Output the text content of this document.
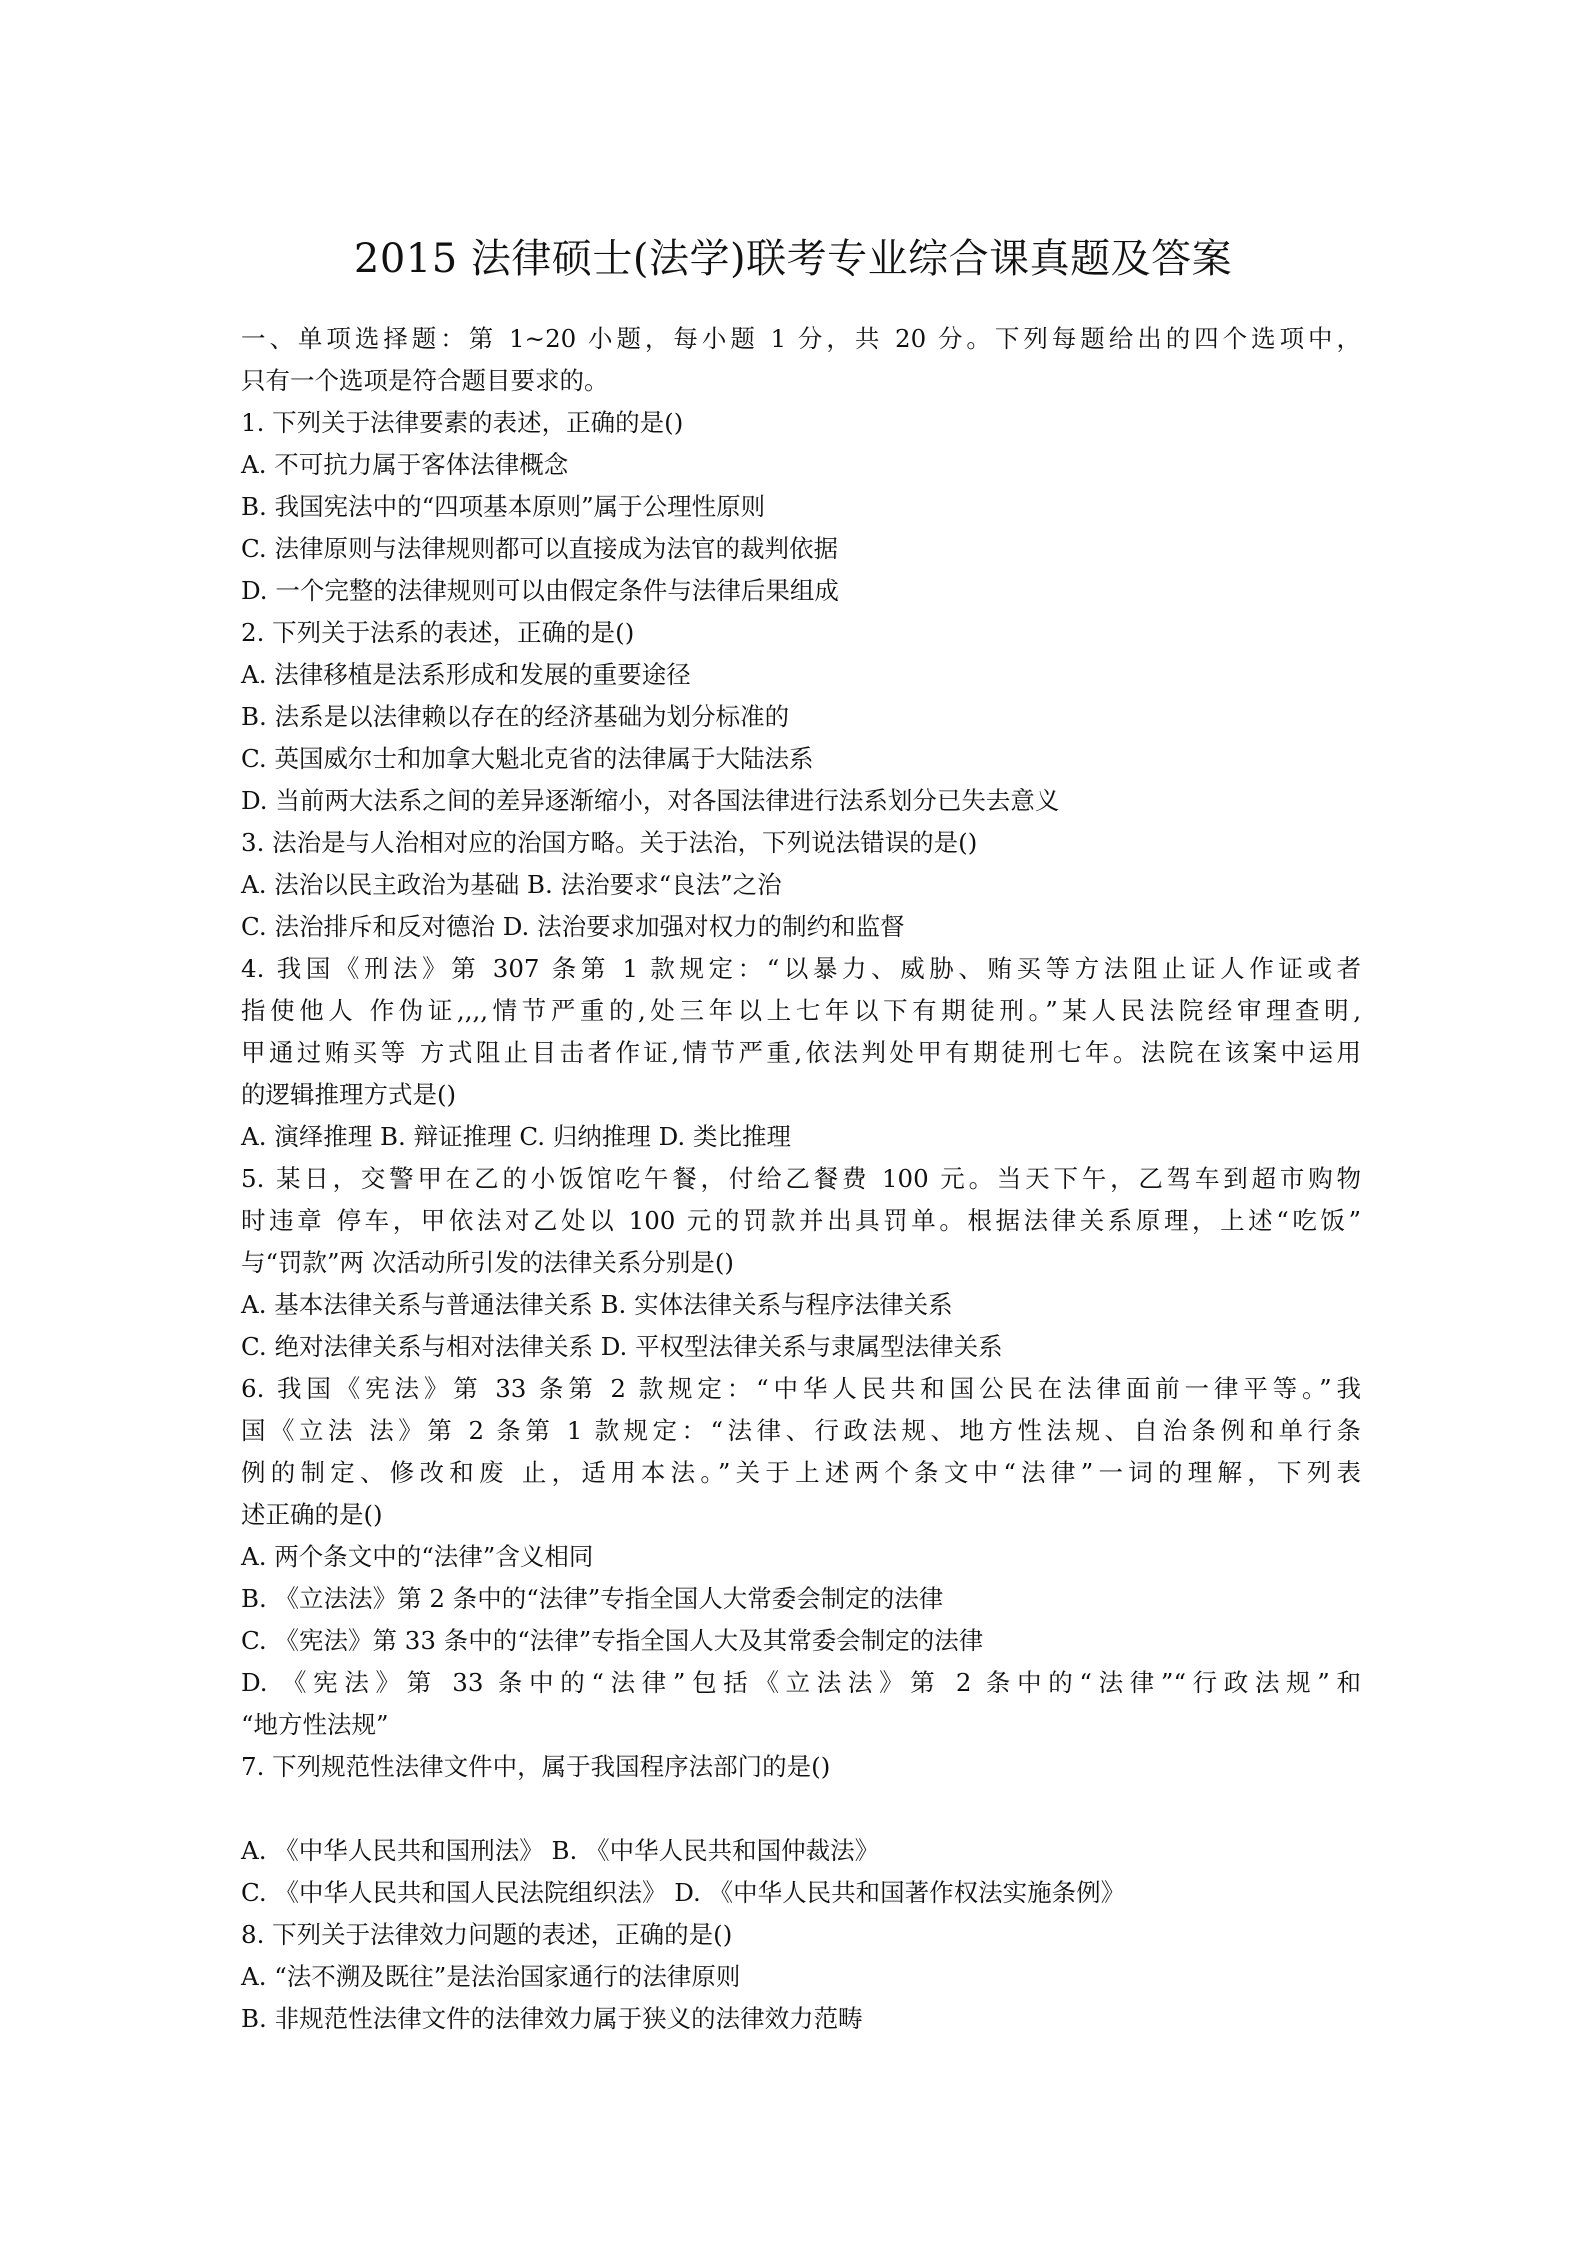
2015 法律硕士(法学)联考专业综合课真题及答案
一、单项选择题：第 1~20 小题，每小题 1 分，共 20 分。下列每题给出的四个选项中，
只有一个选项是符合题目要求的。
1. 下列关于法律要素的表述，正确的是()
A. 不可抗力属于客体法律概念
B. 我国宪法中的“四项基本原则”属于公理性原则
C. 法律原则与法律规则都可以直接成为法官的裁判依据
D. 一个完整的法律规则可以由假定条件与法律后果组成
2. 下列关于法系的表述，正确的是()
A. 法律移植是法系形成和发展的重要途径
B. 法系是以法律赖以存在的经济基础为划分标准的
C. 英国威尔士和加拿大魁北克省的法律属于大陆法系
D. 当前两大法系之间的差异逐渐缩小，对各国法律进行法系划分已失去意义
3. 法治是与人治相对应的治国方略。关于法治，下列说法错误的是()
A. 法治以民主政治为基础 B. 法治要求“良法”之治
C. 法治排斥和反对德治 D. 法治要求加强对权力的制约和监督
4. 我国《刑法》第 307 条第 1 款规定：“以暴力、威胁、贿买等方法阻止证人作证或者
指使他人 作伪证,,,,情节严重的,处三年以上七年以下有期徒刑。”某人民法院经审理查明,
甲通过贿买等 方式阻止目击者作证,情节严重,依法判处甲有期徒刑七年。法院在该案中运用
的逻辑推理方式是()
A. 演绎推理 B. 辩证推理 C. 归纳推理 D. 类比推理
5. 某日，交警甲在乙的小饭馆吃午餐，付给乙餐费 100 元。当天下午，乙驾车到超市购物
时违章 停车，甲依法对乙处以 100 元的罚款并出具罚单。根据法律关系原理，上述“吃饭”
与“罚款”两 次活动所引发的法律关系分别是()
A. 基本法律关系与普通法律关系 B. 实体法律关系与程序法律关系
C. 绝对法律关系与相对法律关系 D. 平权型法律关系与隶属型法律关系
6. 我国《宪法》第 33 条第 2 款规定：“中华人民共和国公民在法律面前一律平等。”我
国《立法 法》第 2 条第 1 款规定：“法律、行政法规、地方性法规、自治条例和单行条
例的制定、修改和废 止，适用本法。”关于上述两个条文中“法律”一词的理解，下列表
述正确的是()
A. 两个条文中的“法律”含义相同
B. 《立法法》第 2 条中的“法律”专指全国人大常委会制定的法律
C. 《宪法》第 33 条中的“法律”专指全国人大及其常委会制定的法律
D. 《宪法》第 33 条中的“法律”包括《立法法》第 2 条中的“法律”“行政法规”和
“地方性法规”
7. 下列规范性法律文件中，属于我国程序法部门的是()
A. 《中华人民共和国刑法》 B. 《中华人民共和国仲裁法》
C. 《中华人民共和国人民法院组织法》 D. 《中华人民共和国著作权法实施条例》
8. 下列关于法律效力问题的表述，正确的是()
A. “法不溯及既往”是法治国家通行的法律原则
B. 非规范性法律文件的法律效力属于狭义的法律效力范畴
